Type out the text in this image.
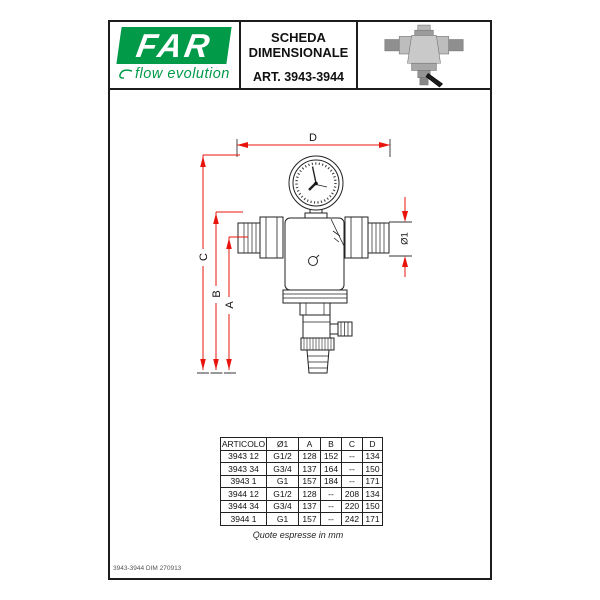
D
C
B
A
Ø1
FAR
flow evolution
SCHEDA
DIMENSIONALE
ART. 3943-3944
ARTICOLO	Ø1	A	B	C	D
3943 12	G1/2	128	152	--	134
3943 34	G3/4	137	164	--	150
3943 1	G1	157	184	--	171
3944 12	G1/2	128	--	208	134
3944 34	G3/4	137	--	220	150
3944 1	G1	157	--	242	171
Quote espresse in mm
3943-3944 DIM 270913
